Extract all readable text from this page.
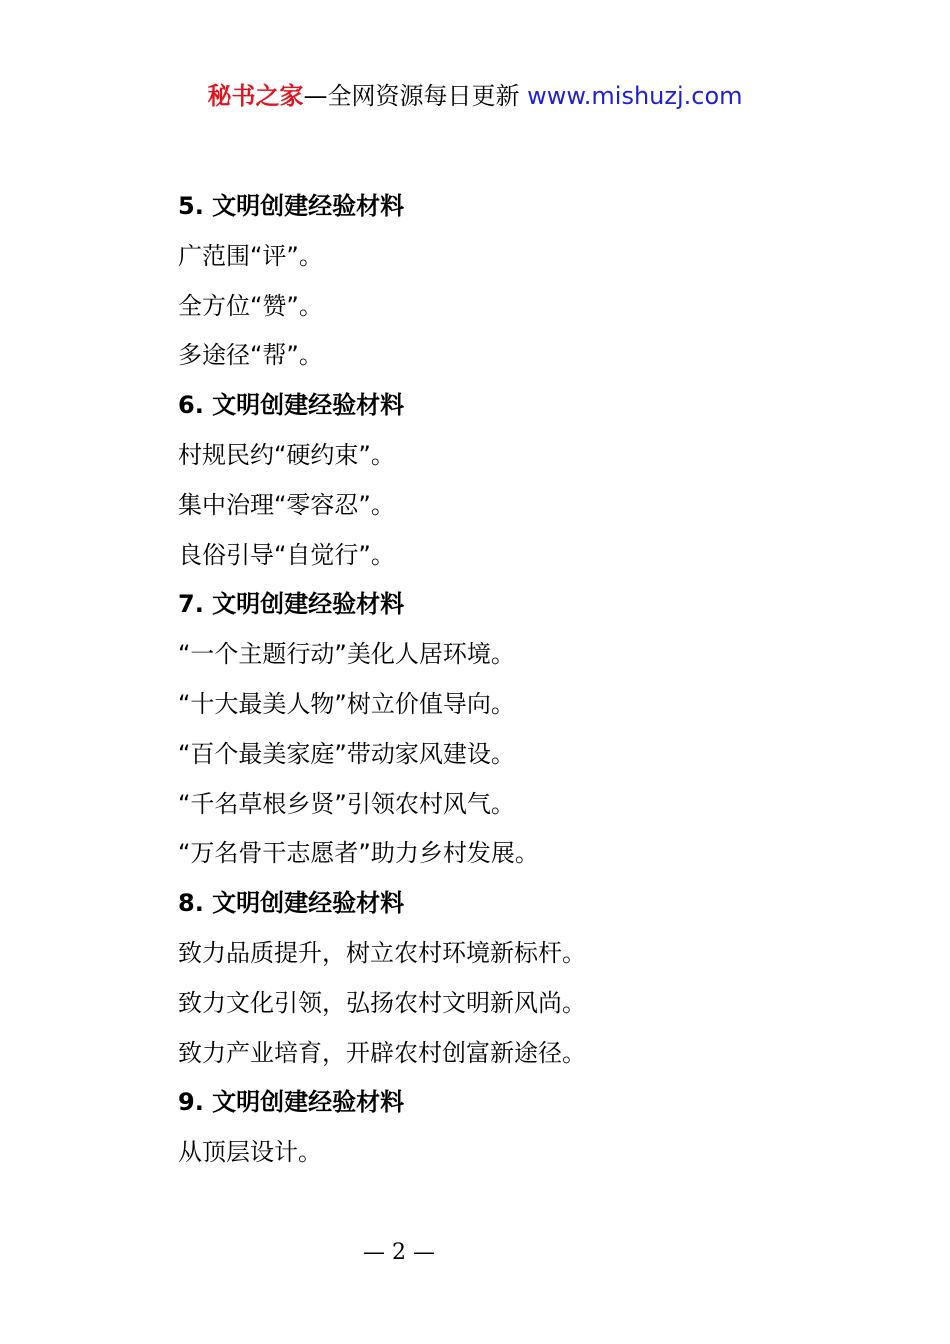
秘书之家—全网资源每日更新 www.mishuzj.com
5. 文明创建经验材料
广范围“评”。
全方位“赞”。
多途径“帮”。
6. 文明创建经验材料
村规民约“硬约束”。
集中治理“零容忍”。
良俗引导“自觉行”。
7. 文明创建经验材料
“一个主题行动”美化人居环境。
“十大最美人物”树立价值导向。
“百个最美家庭”带动家风建设。
“千名草根乡贤”引领农村风气。
“万名骨干志愿者”助力乡村发展。
8. 文明创建经验材料
致力品质提升，树立农村环境新标杆。
致力文化引领，弘扬农村文明新风尚。
致力产业培育，开辟农村创富新途径。
9. 文明创建经验材料
从顶层设计。
— 2 —
